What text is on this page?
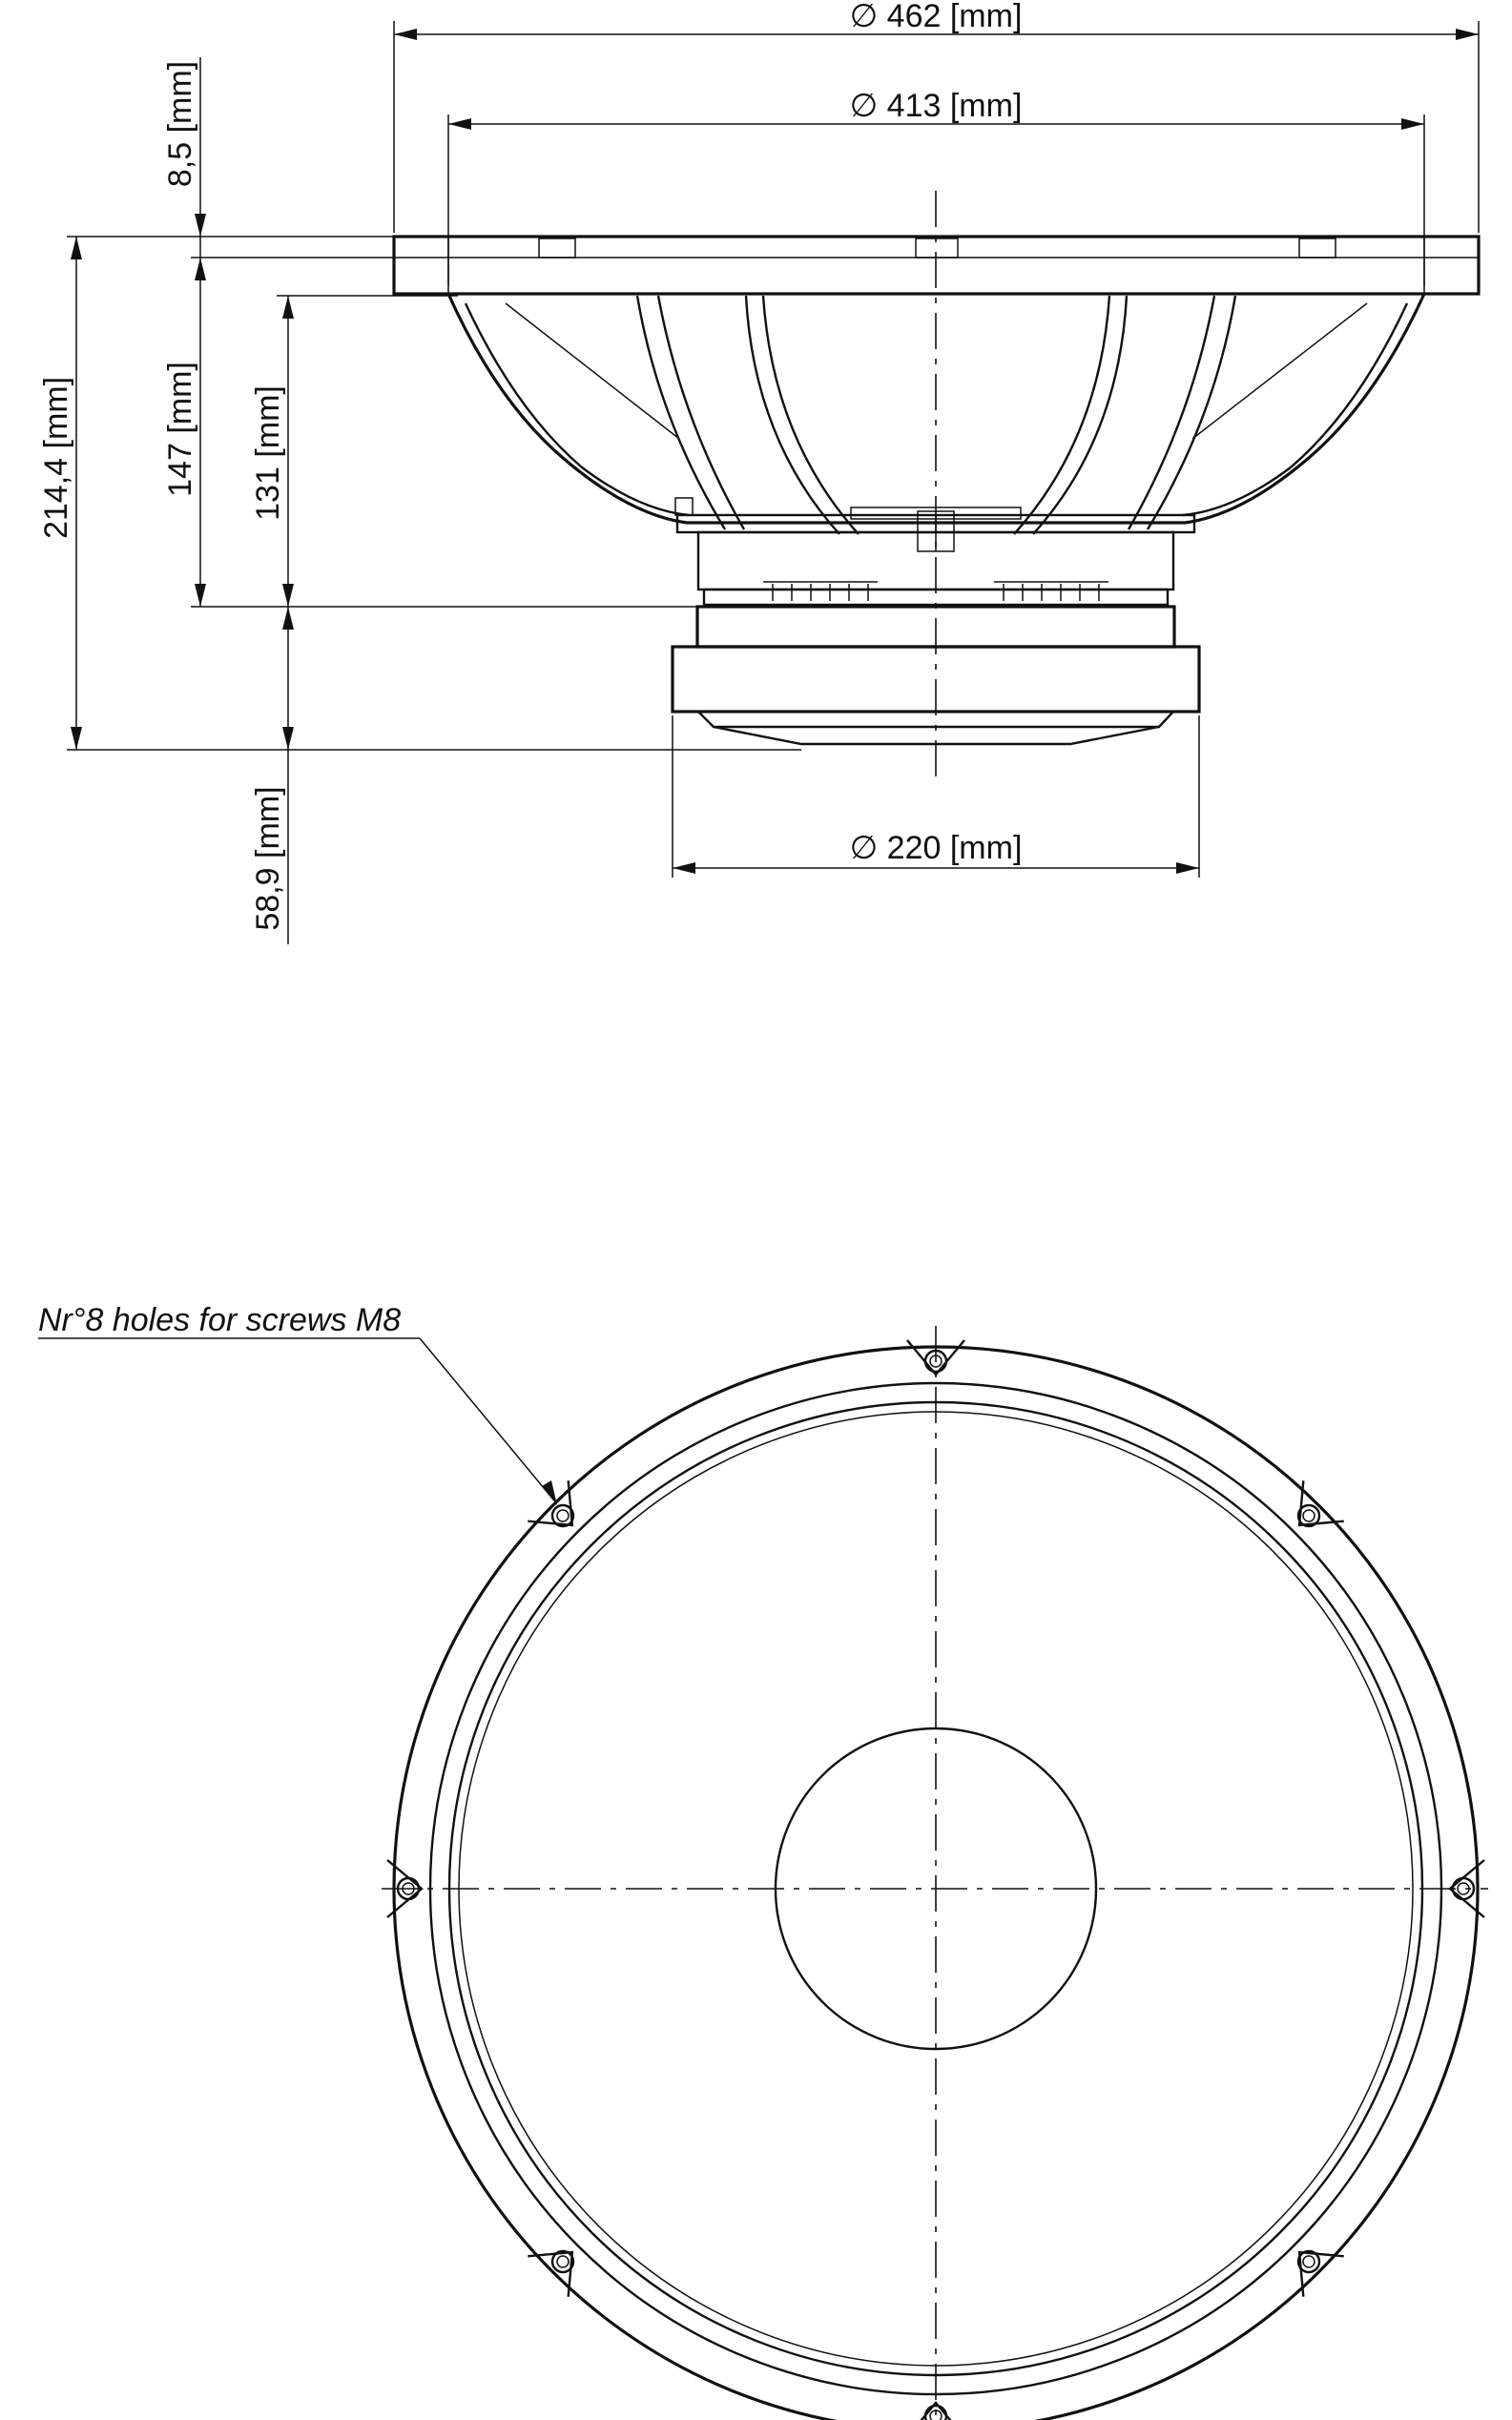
∅ 462 [mm]
∅ 413 [mm]
∅ 220 [mm]
214,4 [mm]
8,5 [mm]
147 [mm] 131 [mm]
58,9 [mm]
Nr°8 holes for screws M8
